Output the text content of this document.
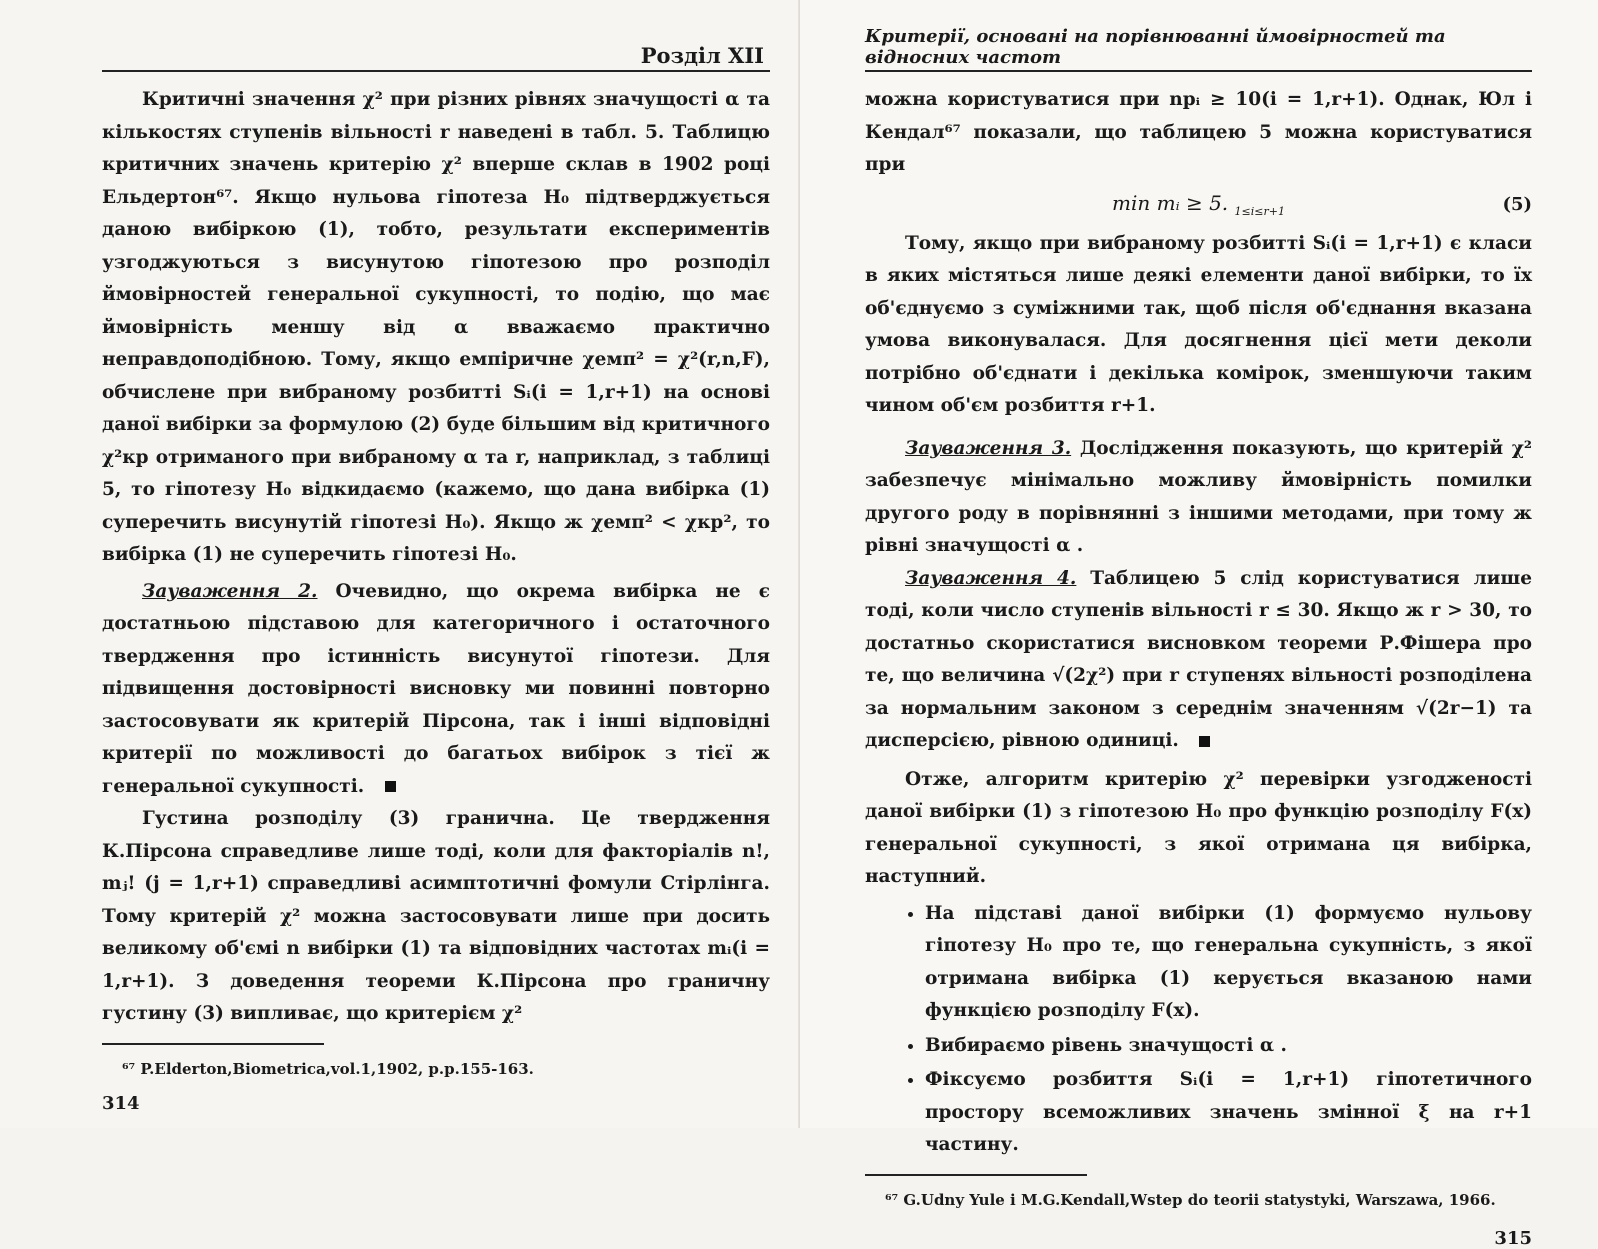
Розділ XII

Критичні значення χ² при різних рівнях значущості α та кількостях ступенів вільності r наведені в табл. 5. Таблицю критичних значень критерію χ² вперше склав в 1902 році Ельдертон⁶⁷. Якщо нульова гіпотеза H₀ підтверджується даною вибіркою (1), тобто, результати експериментів узгоджуються з висунутою гіпотезою про розподіл ймовірностей генеральної сукупності, то подію, що має ймовірність меншу від α вважаємо практично неправдоподібною. Тому, якщо емпіричне χемп² = χ²(r,n,F), обчислене при вибраному розбитті Sᵢ(i = 1,r+1) на основі даної вибірки за формулою (2) буде більшим від критичного χ²кр отриманого при вибраному α та r, наприклад, з таблиці 5, то гіпотезу H₀ відкидаємо (кажемо, що дана вибірка (1) суперечить висунутій гіпотезі H₀). Якщо ж χемп² < χкр², то вибірка (1) не суперечить гіпотезі H₀.

Зауваження 2. Очевидно, що окрема вибірка не є достатньою підставою для категоричного і остаточного твердження про істинність висунутої гіпотези. Для підвищення достовірності висновку ми повинні повторно застосовувати як критерій Пірсона, так і інші відповідні критерії по можливості до багатьох вибірок з тієї ж генеральної сукупності.

Густина розподілу (3) гранична. Це твердження К.Пірсона справедливе лише тоді, коли для факторіалів n!, mⱼ! (j = 1,r+1) справедливі асимптотичні фомули Стірлінга. Тому критерій χ² можна застосовувати лише при досить великому об'ємі n вибірки (1) та відповідних частотах mᵢ(i = 1,r+1). З доведення теореми К.Пірсона про граничну густину (3) випливає, що критерієм χ²

⁶⁷ P.Elderton,Biometrica,vol.1,1902, p.p.155-163.
314
Критерії, основані на порівнюванні ймовірностей та відносних частот

можна користуватися при npᵢ ≥ 10(i = 1,r+1). Однак, Юл і Кендал⁶⁷ показали, що таблицею 5 можна користуватися при

min mᵢ ≥ 5. $_{1\le i\le r+1}$	(5)

Тому, якщо при вибраному розбитті Sᵢ(i = 1,r+1) є класи в яких містяться лише деякі елементи даної вибірки, то їх об'єднуємо з суміжними так, щоб після об'єднання вказана умова виконувалася. Для досягнення цієї мети деколи потрібно об'єднати і декілька комірок, зменшуючи таким чином об'єм розбиття r+1.

Зауваження 3. Дослідження показують, що критерій χ² забезпечує мінімально можливу ймовірність помилки другого роду в порівнянні з іншими методами, при тому ж рівні значущості α .

Зауваження 4. Таблицею 5 слід користуватися лише тоді, коли число ступенів вільності r ≤ 30. Якщо ж r > 30, то достатньо скористатися висновком теореми Р.Фішера про те, що величина √(2χ²) при r ступенях вільності розподілена за нормальним законом з середнім значенням √(2r−1) та дисперсією, рівною одиниці.

Отже, алгоритм критерію χ² перевірки узгодженості даної вибірки (1) з гіпотезою H₀ про функцію розподілу F(x) генеральної сукупності, з якої отримана ця вибірка, наступний.

• На підставі даної вибірки (1) формуємо нульову гіпотезу H₀ про те, що генеральна сукупність, з якої отримана вибірка (1) керується вказаною нами функцією розподілу F(x).
• Вибираємо рівень значущості α .
• Фіксуємо розбиття Sᵢ(i = 1,r+1) гіпотетичного простору всеможливих значень змінної ξ на r+1 частину.
⁶⁷ G.Udny Yule i M.G.Kendall,Wstep do teorii statystyki, Warszawa, 1966.
315
